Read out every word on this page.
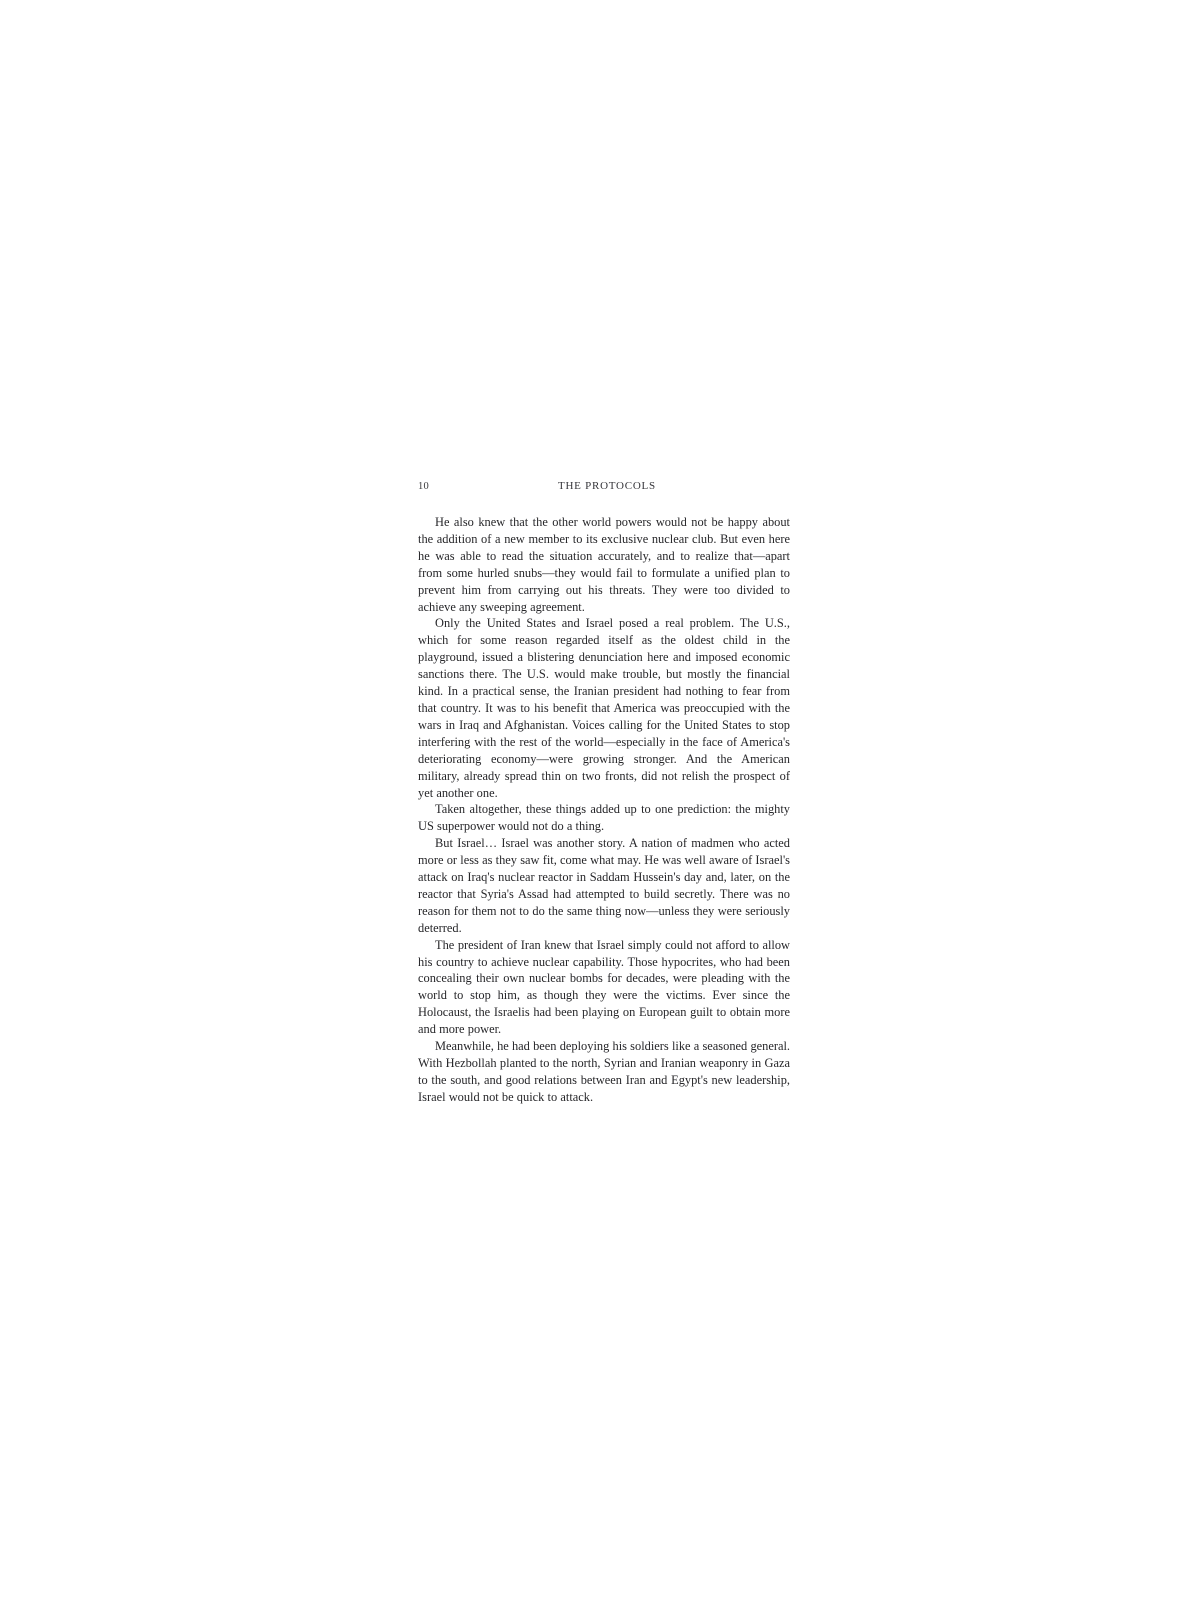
10	THE PROTOCOLS

He also knew that the other world powers would not be happy about the addition of a new member to its exclusive nuclear club. But even here he was able to read the situation accurately, and to realize that—apart from some hurled snubs—they would fail to formulate a unified plan to prevent him from carrying out his threats. They were too divided to achieve any sweeping agreement.

Only the United States and Israel posed a real problem. The U.S., which for some reason regarded itself as the oldest child in the playground, issued a blistering denunciation here and imposed economic sanctions there. The U.S. would make trouble, but mostly the financial kind. In a practical sense, the Iranian president had nothing to fear from that country. It was to his benefit that America was preoccupied with the wars in Iraq and Afghanistan. Voices calling for the United States to stop interfering with the rest of the world—especially in the face of America's deteriorating economy—were growing stronger. And the American military, already spread thin on two fronts, did not relish the prospect of yet another one.

Taken altogether, these things added up to one prediction: the mighty US superpower would not do a thing.

But Israel… Israel was another story. A nation of madmen who acted more or less as they saw fit, come what may. He was well aware of Israel's attack on Iraq's nuclear reactor in Saddam Hussein's day and, later, on the reactor that Syria's Assad had attempted to build secretly. There was no reason for them not to do the same thing now—unless they were seriously deterred.

The president of Iran knew that Israel simply could not afford to allow his country to achieve nuclear capability. Those hypocrites, who had been concealing their own nuclear bombs for decades, were pleading with the world to stop him, as though they were the victims. Ever since the Holocaust, the Israelis had been playing on European guilt to obtain more and more power.

Meanwhile, he had been deploying his soldiers like a seasoned general. With Hezbollah planted to the north, Syrian and Iranian weaponry in Gaza to the south, and good relations between Iran and Egypt's new leadership, Israel would not be quick to attack.
